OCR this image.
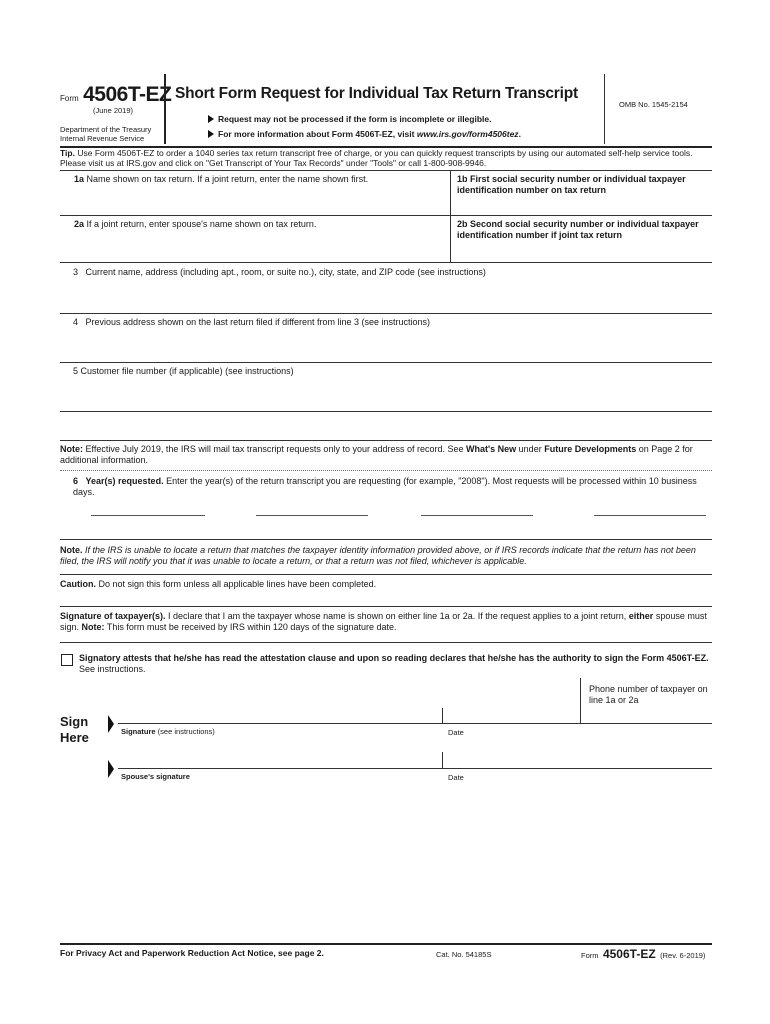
Form 4506T-EZ
(June 2019)
Department of the Treasury
Internal Revenue Service
Short Form Request for Individual Tax Return Transcript
Request may not be processed if the form is incomplete or illegible.
For more information about Form 4506T-EZ, visit www.irs.gov/form4506tez.
OMB No. 1545-2154
Tip. Use Form 4506T-EZ to order a 1040 series tax return transcript free of charge, or you can quickly request transcripts by using our automated self-help service tools. Please visit us at IRS.gov and click on "Get Transcript of Your Tax Records" under "Tools" or call 1-800-908-9946.
1a Name shown on tax return. If a joint return, enter the name shown first.	1b First social security number or individual taxpayer identification number on tax return
2a If a joint return, enter spouse's name shown on tax return.	2b Second social security number or individual taxpayer identification number if joint tax return
3 Current name, address (including apt., room, or suite no.), city, state, and ZIP code (see instructions)
4 Previous address shown on the last return filed if different from line 3 (see instructions)
5 Customer file number (if applicable) (see instructions)
Note: Effective July 2019, the IRS will mail tax transcript requests only to your address of record. See What's New under Future Developments on Page 2 for additional information.
6 Year(s) requested. Enter the year(s) of the return transcript you are requesting (for example, "2008"). Most requests will be processed within 10 business days.
Note. If the IRS is unable to locate a return that matches the taxpayer identity information provided above, or if IRS records indicate that the return has not been filed, the IRS will notify you that it was unable to locate a return, or that a return was not filed, whichever is applicable.
Caution. Do not sign this form unless all applicable lines have been completed.
Signature of taxpayer(s). I declare that I am the taxpayer whose name is shown on either line 1a or 2a. If the request applies to a joint return, either spouse must sign. Note: This form must be received by IRS within 120 days of the signature date.
Signatory attests that he/she has read the attestation clause and upon so reading declares that he/she has the authority to sign the Form 4506T-EZ. See instructions.
Phone number of taxpayer on line 1a or 2a
Sign
Here	Signature (see instructions)	Date
Spouse's signature	Date
For Privacy Act and Paperwork Reduction Act Notice, see page 2.	Cat. No. 54185S	Form 4506T-EZ (Rev. 6-2019)
